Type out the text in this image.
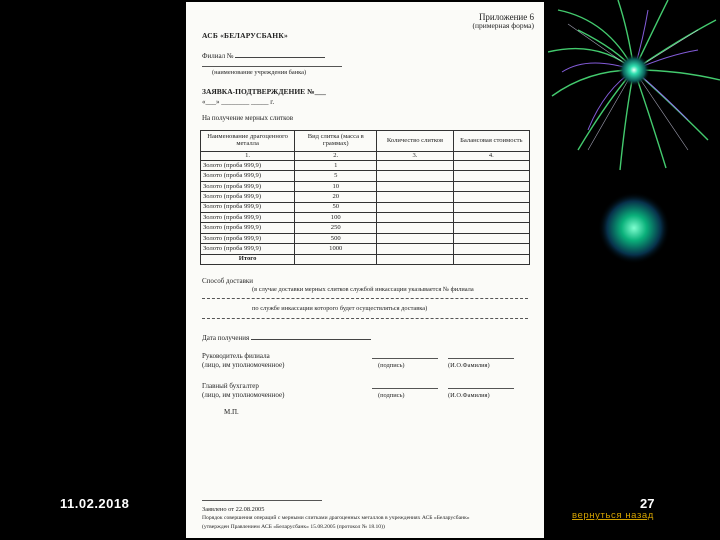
Приложение 6
(примерная форма)
АСБ «БЕЛАРУСБАНК»
Филиал №
(наименование учреждения банка)
ЗАЯВКА-ПОДТВЕРЖДЕНИЕ №___
«___» ________ _____ г.
На получение мерных слитков
Наименование драгоценного металла	Вид слитка (масса в граммах)	Количество слитков	Балансовая стоимость
1.	2.	3.	4.
Золото (проба 999,9)	1		
Золото (проба 999,9)	5		
Золото (проба 999,9)	10		
Золото (проба 999,9)	20		
Золото (проба 999,9)	50		
Золото (проба 999,9)	100		
Золото (проба 999,9)	250		
Золото (проба 999,9)	500		
Золото (проба 999,9)	1000		
Итого			
Способ доставки
(в случае доставки мерных слитков службой инкассации указывается № филиала
по службе инкассации которого будет осуществляться доставка)
Дата получения
Руководитель филиала
(лицо, им уполномоченное)	(подпись)	(И.О.Фамилия)
Главный бухгалтер
(лицо, им уполномоченное)	(подпись)	(И.О.Фамилия)
М.П.
Заявлено от 22.08.2005
Порядок совершения операций с мерными слитками драгоценных металлов в учреждениях АСБ «Беларусбанк»
(утвержден Правлением АСБ «Беларусбанк» 15.08.2005 (протокол № 18.10))
11.02.2018	27
вернуться назад
